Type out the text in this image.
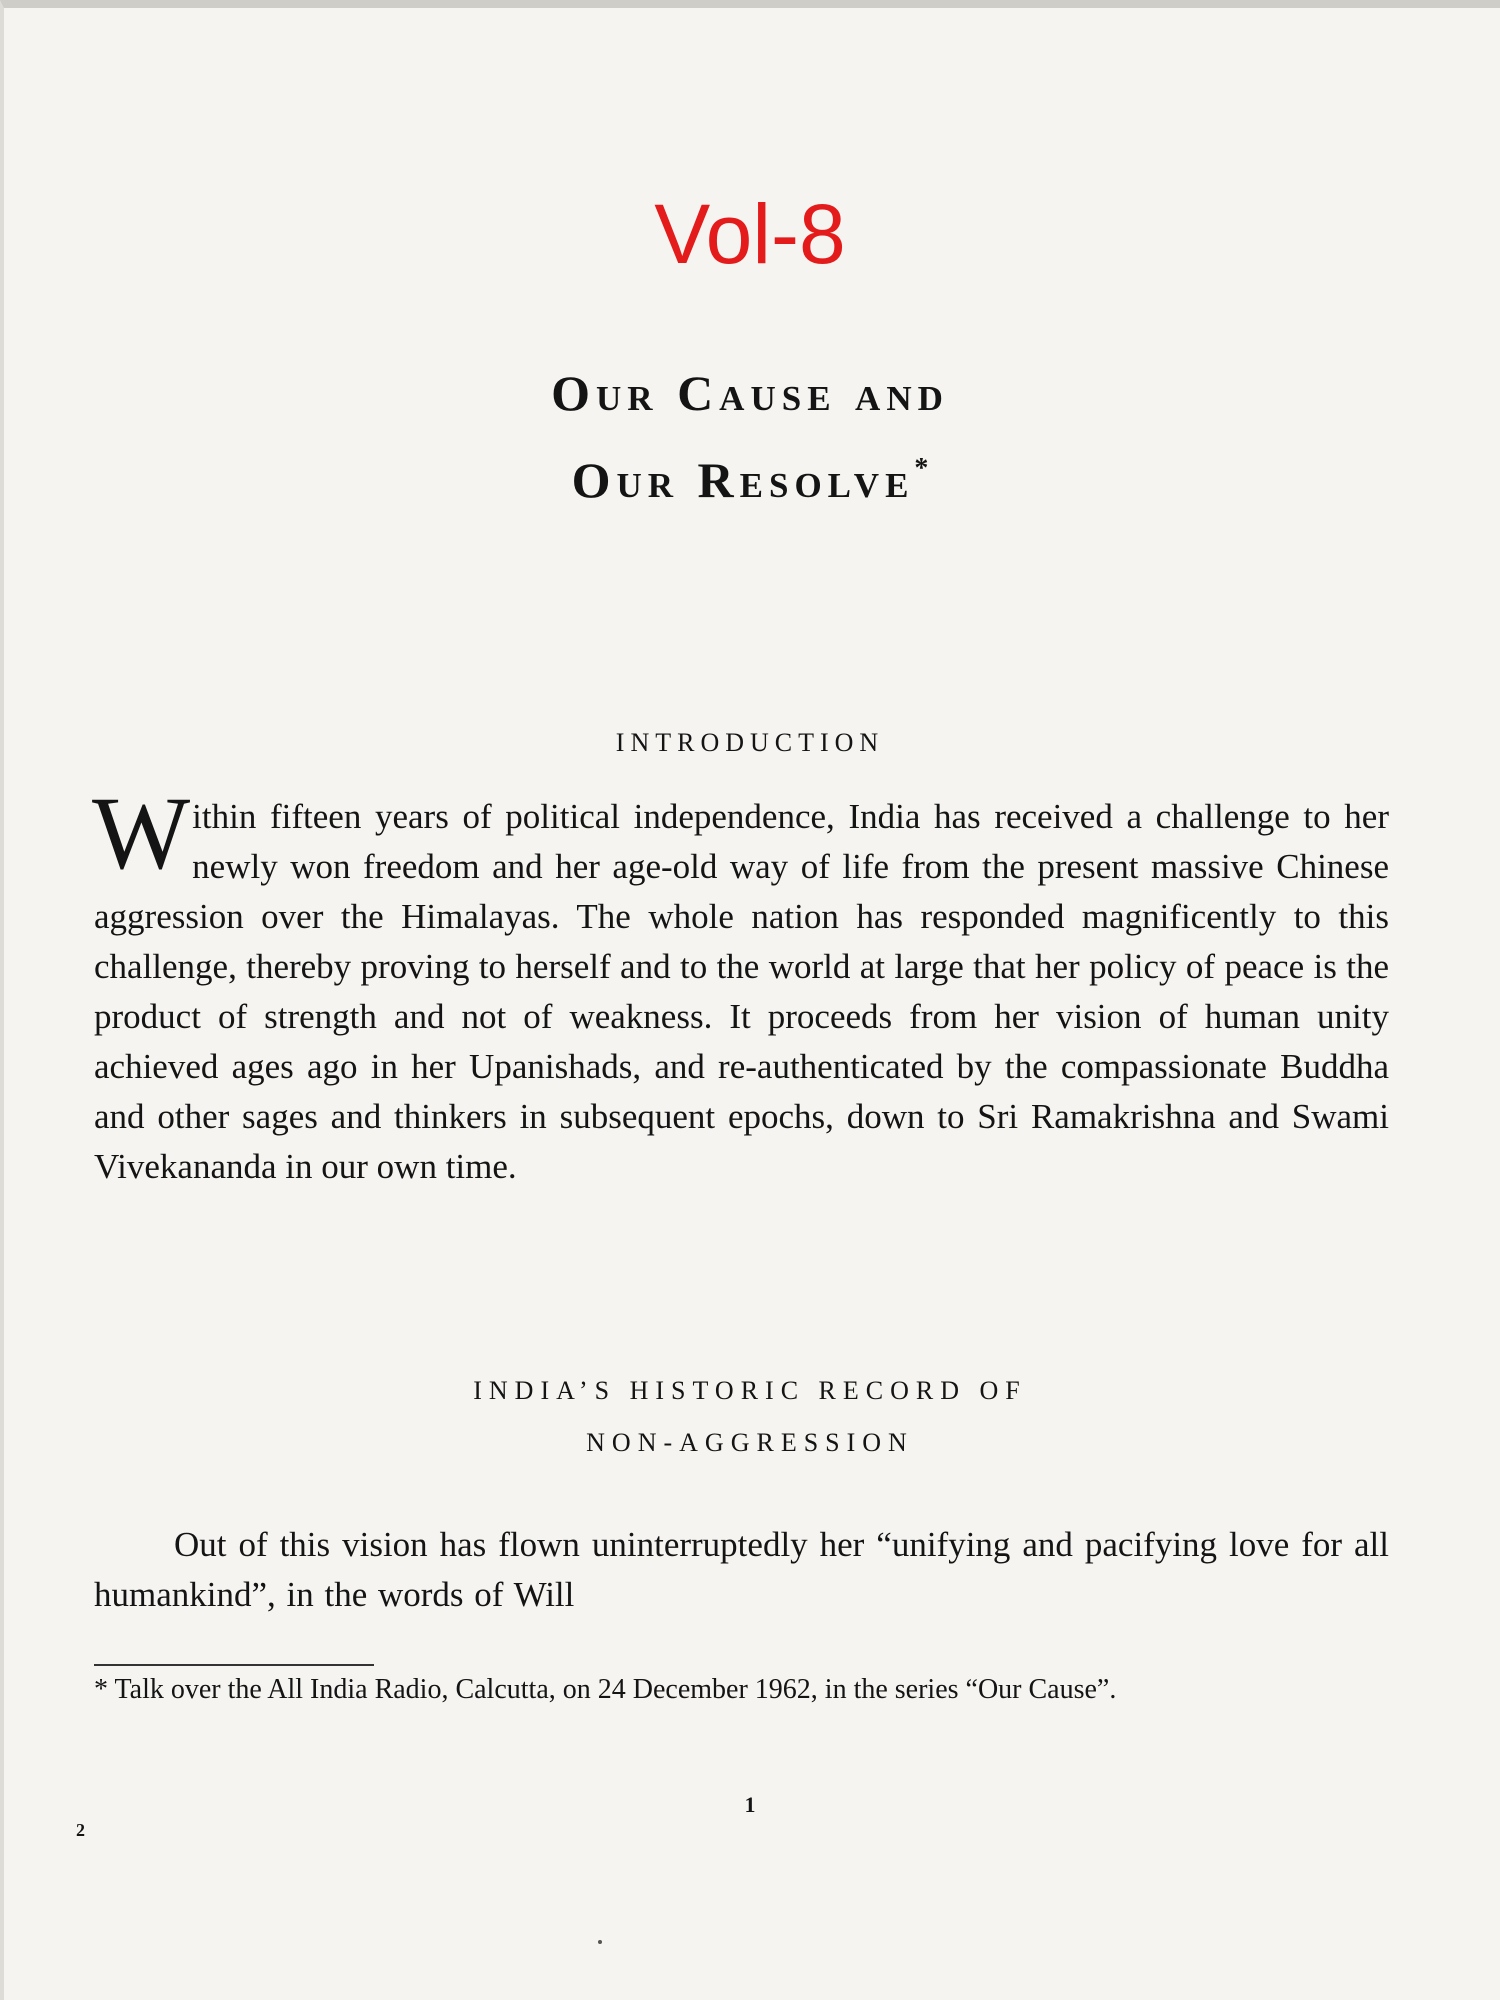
Vol-8
Our Cause and
Our Resolve*
INTRODUCTION

Within fifteen years of political independence, India has received a challenge to her newly won freedom and her age-old way of life from the present massive Chinese aggression over the Himalayas. The whole nation has responded magnificently to this challenge, thereby proving to herself and to the world at large that her policy of peace is the product of strength and not of weakness. It proceeds from her vision of human unity achieved ages ago in her Upanishads, and re-authenticated by the compassionate Buddha and other sages and thinkers in subsequent epochs, down to Sri Ramakrishna and Swami Vivekananda in our own time.

INDIA’S HISTORIC RECORD OF
NON-AGGRESSION

Out of this vision has flown uninterruptedly her “unifying and pacifying love for all humankind”, in the words of Will

* Talk over the All India Radio, Calcutta, on 24 December 1962, in the series “Our Cause”.

1
2
